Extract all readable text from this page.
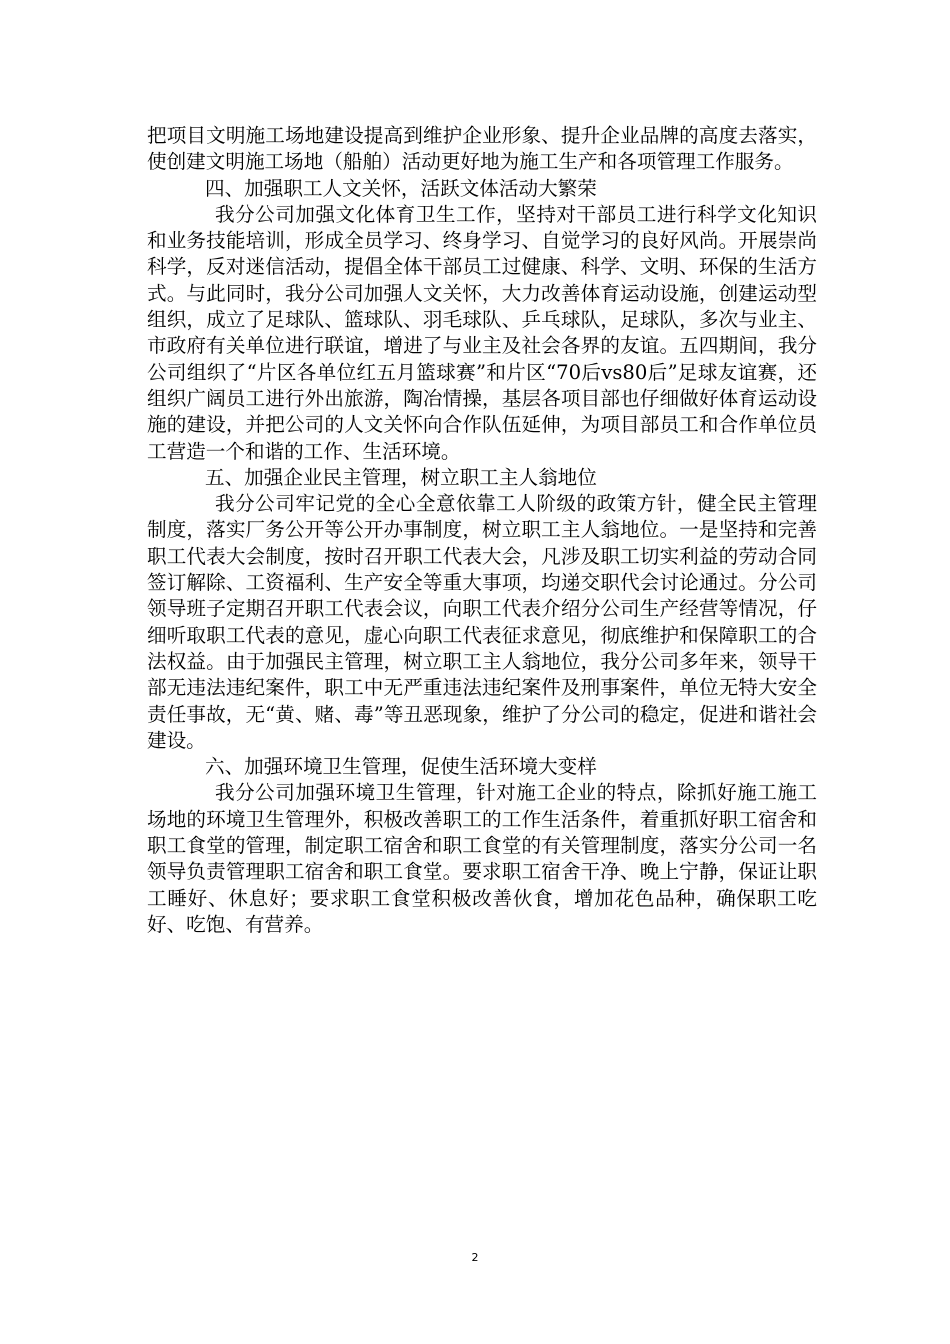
把项目文明施工场地建设提高到维护企业形象、提升企业品牌的高度去落实，使创建文明施工场地（船舶）活动更好地为施工生产和各项管理工作服务。

四、加强职工人文关怀，活跃文体活动大繁荣

我分公司加强文化体育卫生工作，坚持对干部员工进行科学文化知识和业务技能培训，形成全员学习、终身学习、自觉学习的良好风尚。开展崇尚科学，反对迷信活动，提倡全体干部员工过健康、科学、文明、环保的生活方式。与此同时，我分公司加强人文关怀，大力改善体育运动设施，创建运动型组织，成立了足球队、篮球队、羽毛球队、乒乓球队，足球队，多次与业主、市政府有关单位进行联谊，增进了与业主及社会各界的友谊。五四期间，我分公司组织了“片区各单位红五月篮球赛”和片区“70后vs80后”足球友谊赛，还组织广阔员工进行外出旅游，陶冶情操，基层各项目部也仔细做好体育运动设施的建设，并把公司的人文关怀向合作队伍延伸，为项目部员工和合作单位员工营造一个和谐的工作、生活环境。

五、加强企业民主管理，树立职工主人翁地位

我分公司牢记党的全心全意依靠工人阶级的政策方针，健全民主管理制度，落实厂务公开等公开办事制度，树立职工主人翁地位。一是坚持和完善职工代表大会制度，按时召开职工代表大会，凡涉及职工切实利益的劳动合同签订解除、工资福利、生产安全等重大事项，均递交职代会讨论通过。分公司领导班子定期召开职工代表会议，向职工代表介绍分公司生产经营等情况，仔细听取职工代表的意见，虚心向职工代表征求意见，彻底维护和保障职工的合法权益。由于加强民主管理，树立职工主人翁地位，我分公司多年来，领导干部无违法违纪案件，职工中无严重违法违纪案件及刑事案件，单位无特大安全责任事故，无“黄、赌、毒”等丑恶现象，维护了分公司的稳定，促进和谐社会建设。

六、加强环境卫生管理，促使生活环境大变样

我分公司加强环境卫生管理，针对施工企业的特点，除抓好施工施工场地的环境卫生管理外，积极改善职工的工作生活条件，着重抓好职工宿舍和职工食堂的管理，制定职工宿舍和职工食堂的有关管理制度，落实分公司一名领导负责管理职工宿舍和职工食堂。要求职工宿舍干净、晚上宁静，保证让职工睡好、休息好；要求职工食堂积极改善伙食，增加花色品种，确保职工吃好、吃饱、有营养。

2
